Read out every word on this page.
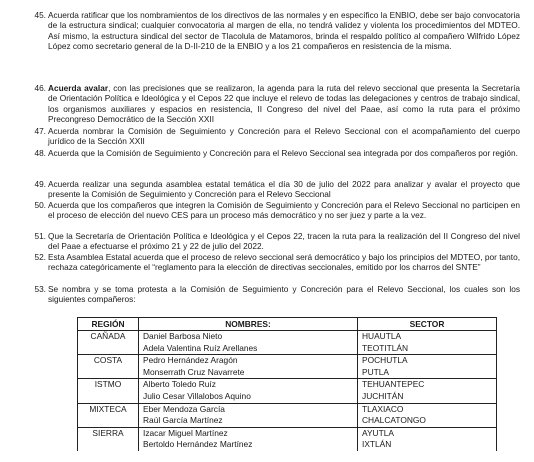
45. Acuerda ratificar que los nombramientos de los directivos de las normales y en específico la ENBIO, debe ser bajo convocatoria de la estructura sindical; cualquier convocatoria al margen de ella, no tendrá validez y violenta los procedimientos del MDTEO. Así mismo, la estructura sindical del sector de Tlacolula de Matamoros, brinda el respaldo político al compañero Wilfrido López López como secretario general de la D-II-210 de la ENBIO y a los 21 compañeros en resistencia de la misma.
46. Acuerda avalar, con las precisiones que se realizaron, la agenda para la ruta del relevo seccional que presenta la Secretaría de Orientación Política e Ideológica y el Cepos 22 que incluye el relevo de todas las delegaciones y centros de trabajo sindical, los organismos auxiliares y espacios en resistencia, II Congreso del nivel del Paae, así como la ruta para el próximo Precongreso Democrático de la Sección XXII
47. Acuerda nombrar la Comisión de Seguimiento y Concreción para el Relevo Seccional con el acompañamiento del cuerpo jurídico de la Sección XXII
48. Acuerda que la Comisión de Seguimiento y Concreción para el Relevo Seccional sea integrada por dos compañeros por región.
49. Acuerda realizar una segunda asamblea estatal temática el día 30 de julio del 2022 para analizar y avalar el proyecto que presente la Comisión de Seguimiento y Concreción para el Relevo Seccional
50. Acuerda que los compañeros que integren la Comisión de Seguimiento y Concreción para el Relevo Seccional no participen en el proceso de elección del nuevo CES para un proceso más democrático y no ser juez y parte a la vez.
51. Que la Secretaría de Orientación Política e Ideológica y el Cepos 22, tracen la ruta para la realización del II Congreso del nivel del Paae a efectuarse el próximo 21 y 22 de julio del 2022.
52. Esta Asamblea Estatal acuerda que el proceso de relevo seccional será democrático y bajo los principios del MDTEO, por tanto, rechaza categóricamente el “reglamento para la elección de directivas seccionales, emitido por los charros del SNTE”
53. Se nombra y se toma protesta a la Comisión de Seguimiento y Concreción para el Relevo Seccional, los cuales son los siguientes compañeros:
REGIÓN	NOMBRES:	SECTOR
CAÑADA	Daniel Barbosa Nieto	HUAUTLA
	Adela Valentina Ruíz Arellanes	TEOTITLÁN
COSTA	Pedro Hernández Aragón	POCHUTLA
	Monserrath Cruz Navarrete	PUTLA
ISTMO	Alberto Toledo Ruíz	TEHUANTEPEC
	Julio Cesar Villalobos Aquino	JUCHITÁN
MIXTECA	Eber Mendoza García	TLAXIACO
	Raúl García Martínez	CHALCATONGO
SIERRA	Izacar Miguel Martínez	AYUTLA
	Bertoldo Hernández Martínez	IXTLÁN
